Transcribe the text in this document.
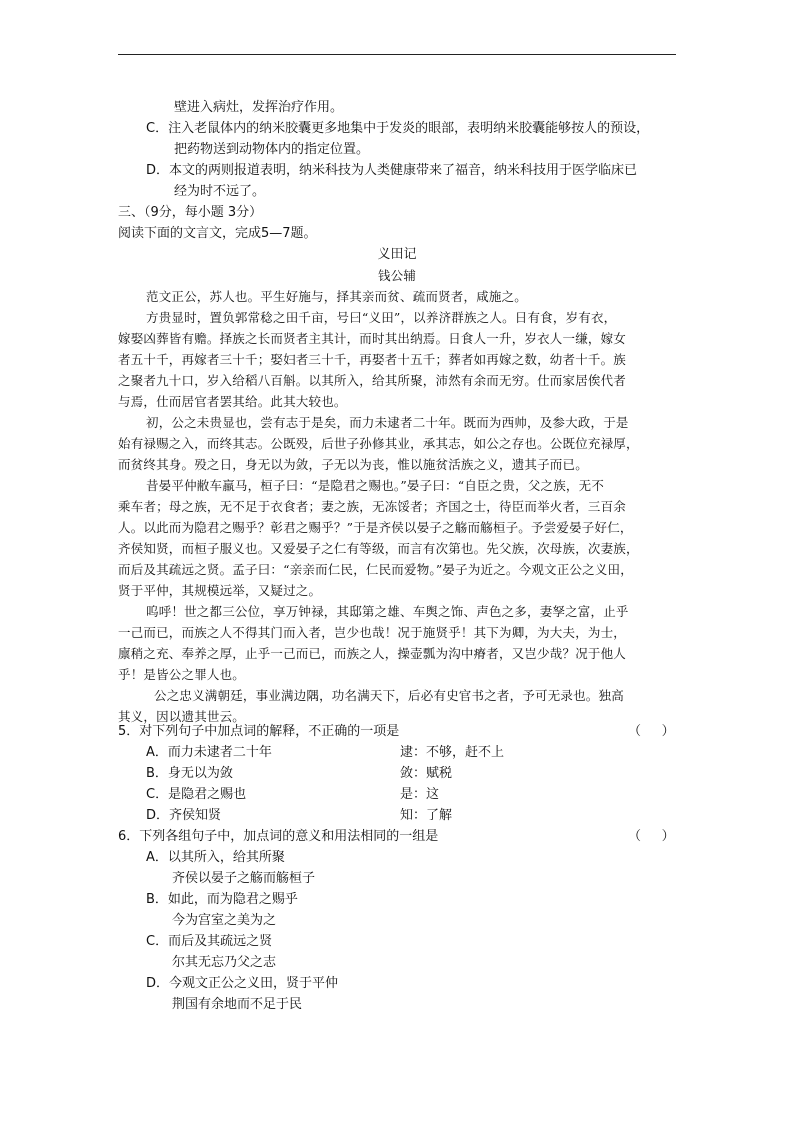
壁进入病灶，发挥治疗作用。
C．注入老鼠体内的纳米胶囊更多地集中于发炎的眼部，表明纳米胶囊能够按人的预设，
把药物送到动物体内的指定位置。
D．本文的两则报道表明，纳米科技为人类健康带来了福音，纳米科技用于医学临床已
经为时不远了。
三、（9分，每小题 3分）
阅读下面的文言文，完成5—7题。
义田记
钱公辅
范文正公，苏人也。平生好施与，择其亲而贫、疏而贤者，咸施之。
方贵显时，置负郭常稔之田千亩，号曰“义田”，以养济群族之人。日有食，岁有衣，
嫁娶凶葬皆有赡。择族之长而贤者主其计，而时其出纳焉。日食人一升，岁衣人一缣，嫁女
者五十千，再嫁者三十千；娶妇者三十千，再娶者十五千；葬者如再嫁之数，幼者十千。族
之聚者九十口，岁入给稻八百斛。以其所入，给其所聚，沛然有余而无穷。仕而家居俟代者
与焉，仕而居官者罢其给。此其大较也。
初，公之未贵显也，尝有志于是矣，而力未逮者二十年。既而为西帅，及参大政，于是
始有禄赐之入，而终其志。公既殁，后世子孙修其业，承其志，如公之存也。公既位充禄厚，
而贫终其身。殁之日，身无以为敛，子无以为丧，惟以施贫活族之义，遗其子而已。
昔晏平仲敝车羸马，桓子曰：“是隐君之赐也。”晏子曰：“自臣之贵，父之族，无不
乘车者；母之族，无不足于衣食者；妻之族，无冻馁者；齐国之士，待臣而举火者，三百余
人。以此而为隐君之赐乎？彰君之赐乎？”于是齐侯以晏子之觞而觞桓子。予尝爱晏子好仁，
齐侯知贤，而桓子服义也。又爱晏子之仁有等级，而言有次第也。先父族，次母族，次妻族，
而后及其疏远之贤。孟子曰：“亲亲而仁民，仁民而爱物。”晏子为近之。今观文正公之义田，
贤于平仲，其规模远举，又疑过之。
呜呼！世之都三公位，享万钟禄，其邸第之雄、车舆之饰、声色之多，妻孥之富，止乎
一己而已，而族之人不得其门而入者，岂少也哉！况于施贤乎！其下为卿，为大夫，为士，
廪稍之充、奉养之厚，止乎一己而已，而族之人，操壶瓢为沟中瘠者，又岂少哉？况于他人
乎！是皆公之罪人也。
公之忠义满朝廷，事业满边隅，功名满天下，后必有史官书之者，予可无录也。独高
其义，因以遗其世云。
5．对下列句子中加点词的解释，不正确的一项是	（     ）
A．而力未逮者二十年	逮：不够，赶不上
B．身无以为敛	敛：赋税
C．是隐君之赐也	是：这
D．齐侯知贤	知：了解
6．下列各组句子中，加点词的意义和用法相同的一组是	（     ）
A．以其所入，给其所聚
齐侯以晏子之觞而觞桓子
B．如此，而为隐君之赐乎
今为宫室之美为之
C．而后及其疏远之贤
尔其无忘乃父之志
D．今观文正公之义田，贤于平仲
荆国有余地而不足于民
